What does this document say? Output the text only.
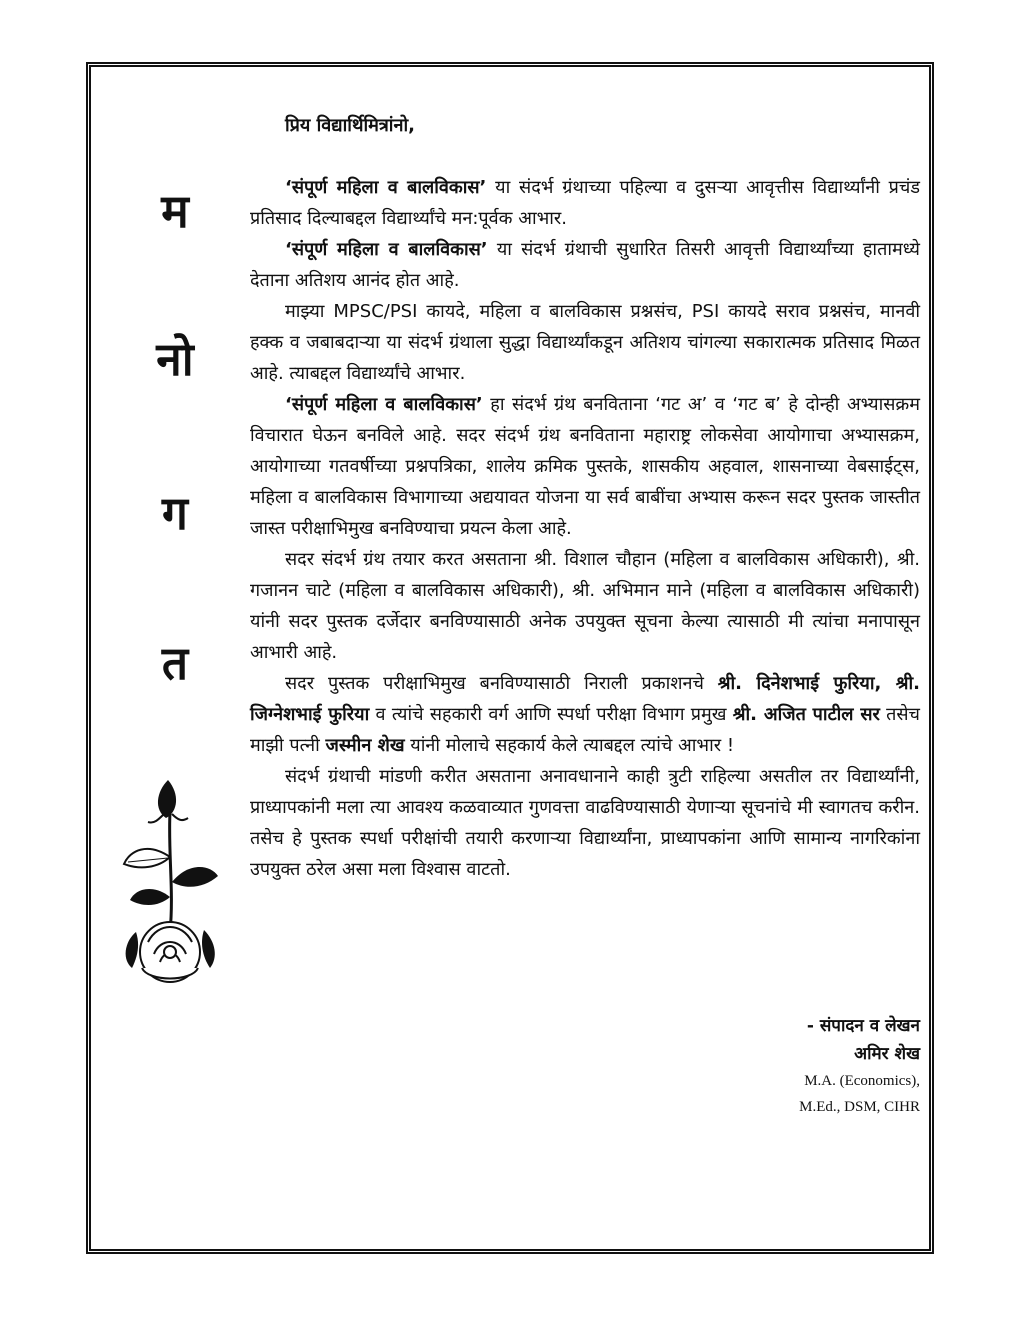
म
नो
ग
त

प्रिय विद्यार्थिमित्रांनो,

‘संपूर्ण महिला व बालविकास’ या संदर्भ ग्रंथाच्या पहिल्या व दुसऱ्या आवृत्तीस विद्यार्थ्यांनी प्रचंड प्रतिसाद दिल्याबद्दल विद्यार्थ्यांचे मन:पूर्वक आभार.

‘संपूर्ण महिला व बालविकास’ या संदर्भ ग्रंथाची सुधारित तिसरी आवृत्ती विद्यार्थ्यांच्या हातामध्ये देताना अतिशय आनंद होत आहे.

माझ्या MPSC/PSI कायदे, महिला व बालविकास प्रश्नसंच, PSI कायदे सराव प्रश्नसंच, मानवी हक्क व जबाबदाऱ्या या संदर्भ ग्रंथाला सुद्धा विद्यार्थ्यांकडून अतिशय चांगल्या सकारात्मक प्रतिसाद मिळत आहे. त्याबद्दल विद्यार्थ्यांचे आभार.

‘संपूर्ण महिला व बालविकास’ हा संदर्भ ग्रंथ बनविताना ‘गट अ’ व ‘गट ब’ हे दोन्ही अभ्यासक्रम विचारात घेऊन बनविले आहे. सदर संदर्भ ग्रंथ बनविताना महाराष्ट्र लोकसेवा आयोगाचा अभ्यासक्रम, आयोगाच्या गतवर्षीच्या प्रश्नपत्रिका, शालेय क्रमिक पुस्तके, शासकीय अहवाल, शासनाच्या वेबसाईट्स, महिला व बालविकास विभागाच्या अद्ययावत योजना या सर्व बाबींचा अभ्यास करून सदर पुस्तक जास्तीत जास्त परीक्षाभिमुख बनविण्याचा प्रयत्न केला आहे.

सदर संदर्भ ग्रंथ तयार करत असताना श्री. विशाल चौहान (महिला व बालविकास अधिकारी), श्री. गजानन चाटे (महिला व बालविकास अधिकारी), श्री. अभिमान माने (महिला व बालविकास अधिकारी) यांनी सदर पुस्तक दर्जेदार बनविण्यासाठी अनेक उपयुक्त सूचना केल्या त्यासाठी मी त्यांचा मनापासून आभारी आहे.

सदर पुस्तक परीक्षाभिमुख बनविण्यासाठी निराली प्रकाशनचे श्री. दिनेशभाई फुरिया, श्री. जिग्नेशभाई फुरिया व त्यांचे सहकारी वर्ग आणि स्पर्धा परीक्षा विभाग प्रमुख श्री. अजित पाटील सर तसेच माझी पत्नी जस्मीन शेख यांनी मोलाचे सहकार्य केले त्याबद्दल त्यांचे आभार !

संदर्भ ग्रंथाची मांडणी करीत असताना अनावधानाने काही त्रुटी राहिल्या असतील तर विद्यार्थ्यांनी, प्राध्यापकांनी मला त्या आवश्य कळवाव्यात गुणवत्ता वाढविण्यासाठी येणाऱ्या सूचनांचे मी स्वागतच करीन. तसेच हे पुस्तक स्पर्धा परीक्षांची तयारी करणाऱ्या विद्यार्थ्यांना, प्राध्यापकांना आणि सामान्य नागरिकांना उपयुक्त ठरेल असा मला विश्वास वाटतो.

- संपादन व लेखन
अमिर शेख
M.A. (Economics),
M.Ed., DSM, CIHR
